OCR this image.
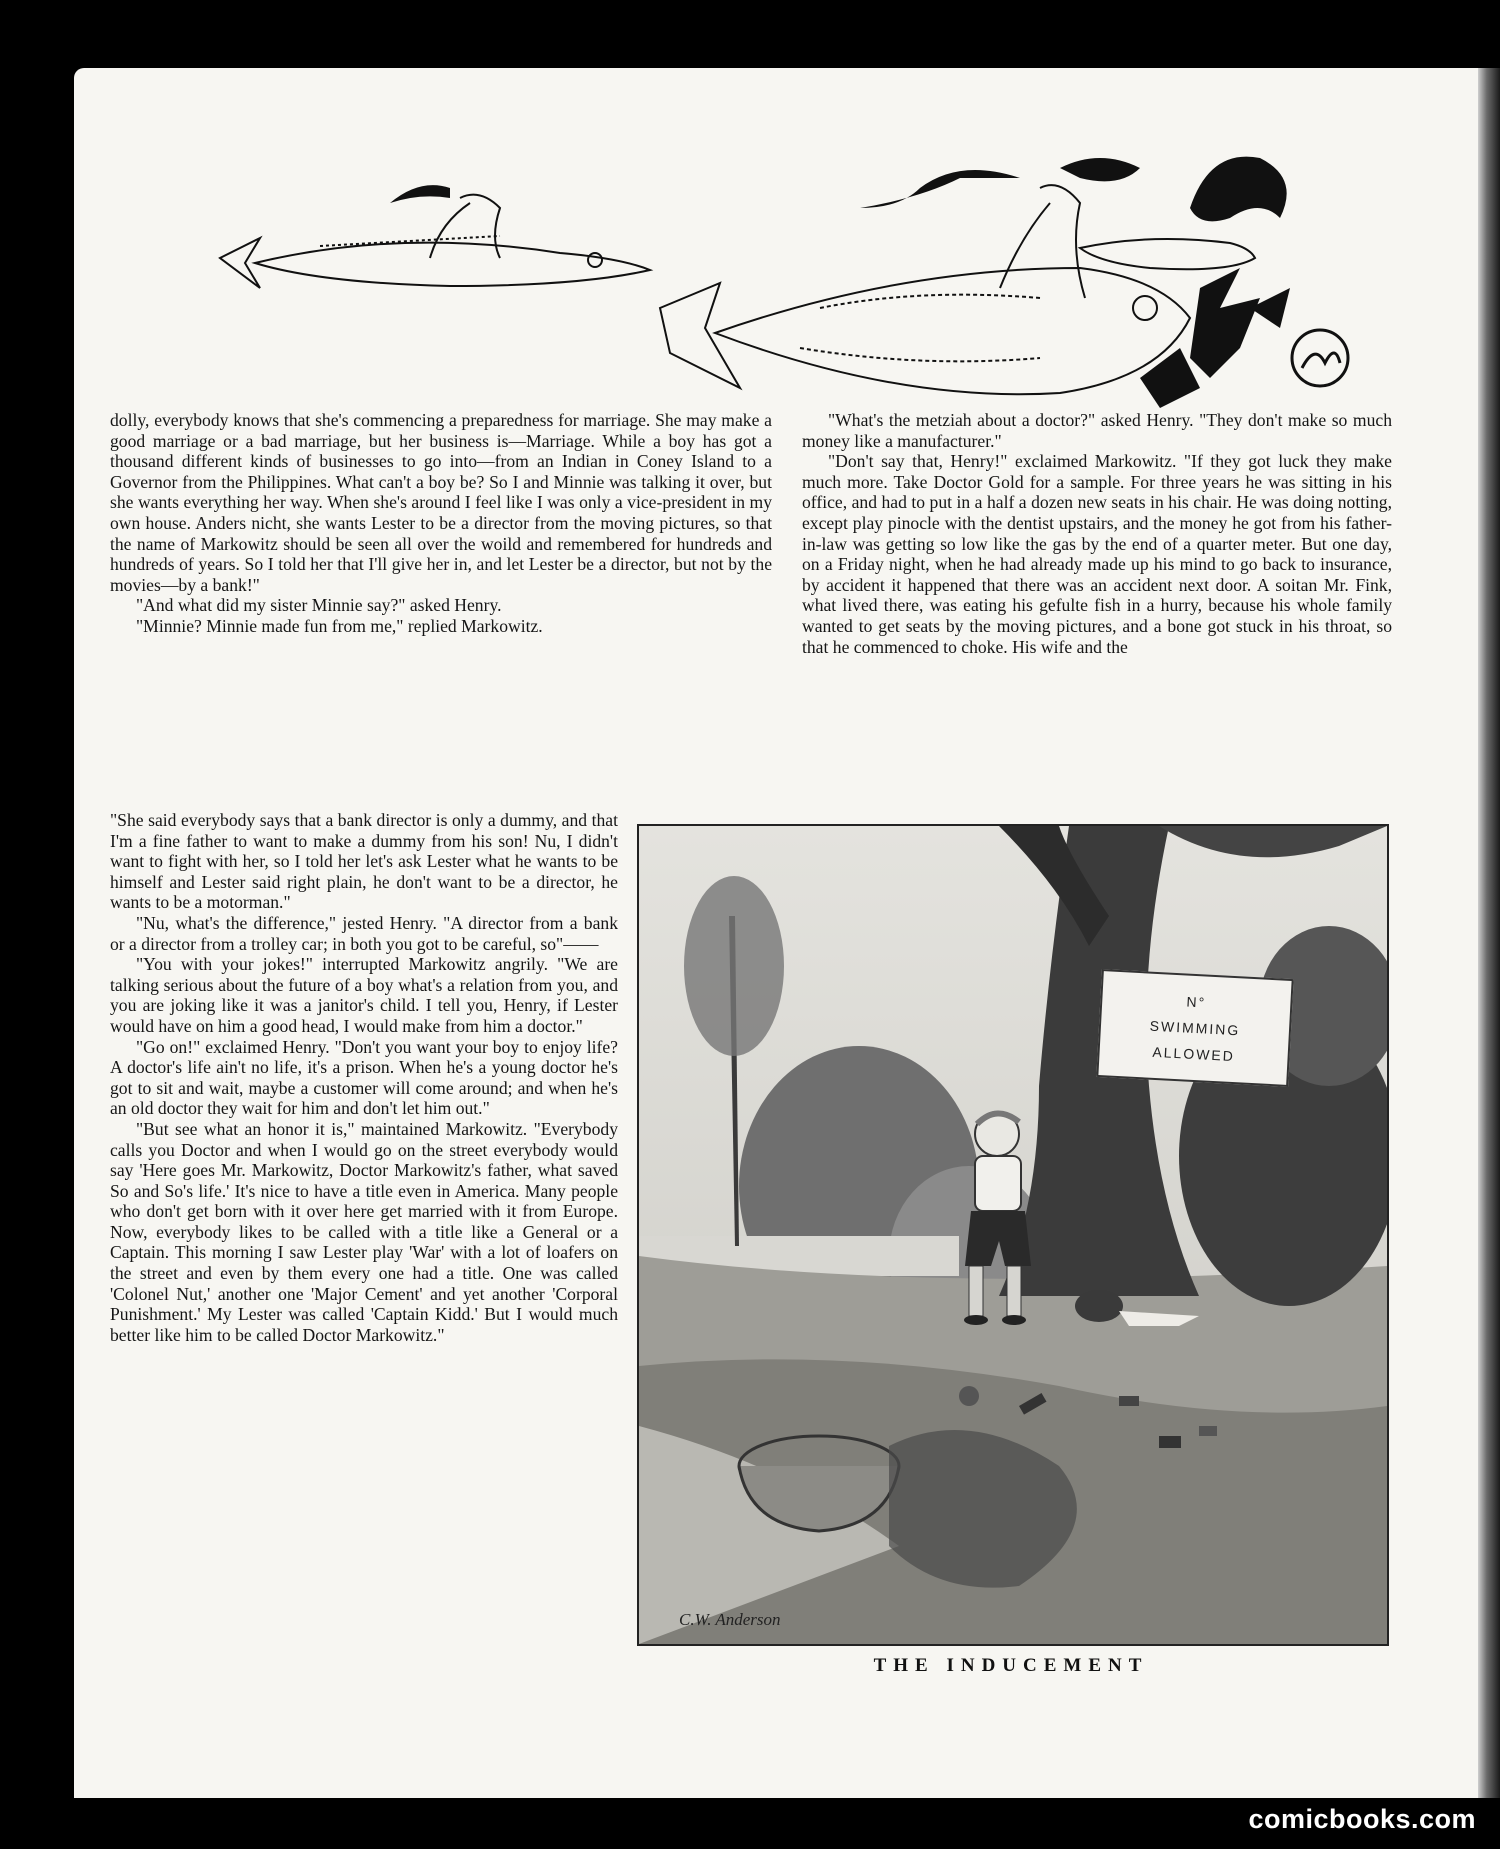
dolly, everybody knows that she's commencing a preparedness for marriage. She may make a good marriage or a bad marriage, but her business is—Marriage. While a boy has got a thousand different kinds of businesses to go into—from an Indian in Coney Island to a Governor from the Philippines. What can't a boy be? So I and Minnie was talking it over, but she wants everything her way. When she's around I feel like I was only a vice-president in my own house. Anders nicht, she wants Lester to be a director from the moving pictures, so that the name of Markowitz should be seen all over the woild and remembered for hundreds and hundreds of years. So I told her that I'll give her in, and let Lester be a director, but not by the movies—by a bank!"

"And what did my sister Minnie say?" asked Henry.

"Minnie? Minnie made fun from me," replied Markowitz.

"What's the metziah about a doctor?" asked Henry. "They don't make so much money like a manufacturer."

"Don't say that, Henry!" exclaimed Markowitz. "If they got luck they make much more. Take Doctor Gold for a sample. For three years he was sitting in his office, and had to put in a half a dozen new seats in his chair. He was doing notting, except play pinocle with the dentist upstairs, and the money he got from his father-in-law was getting so low like the gas by the end of a quarter meter. But one day, on a Friday night, when he had already made up his mind to go back to insurance, by accident it happened that there was an accident next door. A soitan Mr. Fink, what lived there, was eating his gefulte fish in a hurry, because his whole family wanted to get seats by the moving pictures, and a bone got stuck in his throat, so that he commenced to choke. His wife and the

"She said everybody says that a bank director is only a dummy, and that I'm a fine father to want to make a dummy from his son! Nu, I didn't want to fight with her, so I told her let's ask Lester what he wants to be himself and Lester said right plain, he don't want to be a director, he wants to be a motorman."

"Nu, what's the difference," jested Henry. "A director from a bank or a director from a trolley car; in both you got to be careful, so"——

"You with your jokes!" interrupted Markowitz angrily. "We are talking serious about the future of a boy what's a relation from you, and you are joking like it was a janitor's child. I tell you, Henry, if Lester would have on him a good head, I would make from him a doctor."

"Go on!" exclaimed Henry. "Don't you want your boy to enjoy life? A doctor's life ain't no life, it's a prison. When he's a young doctor he's got to sit and wait, maybe a customer will come around; and when he's an old doctor they wait for him and don't let him out."

"But see what an honor it is," maintained Markowitz. "Everybody calls you Doctor and when I would go on the street everybody would say 'Here goes Mr. Markowitz, Doctor Markowitz's father, what saved So and So's life.' It's nice to have a title even in America. Many people who don't get born with it over here get married with it from Europe. Now, everybody likes to be called with a title like a General or a Captain. This morning I saw Lester play 'War' with a lot of loafers on the street and even by them every one had a title. One was called 'Colonel Nut,' another one 'Major Cement' and yet another 'Corporal Punishment.' My Lester was called 'Captain Kidd.' But I would much better like him to be called Doctor Markowitz."

N°
SWIMMING
ALLOWED
C.W. Anderson
THE INDUCEMENT
comicbooks.com
